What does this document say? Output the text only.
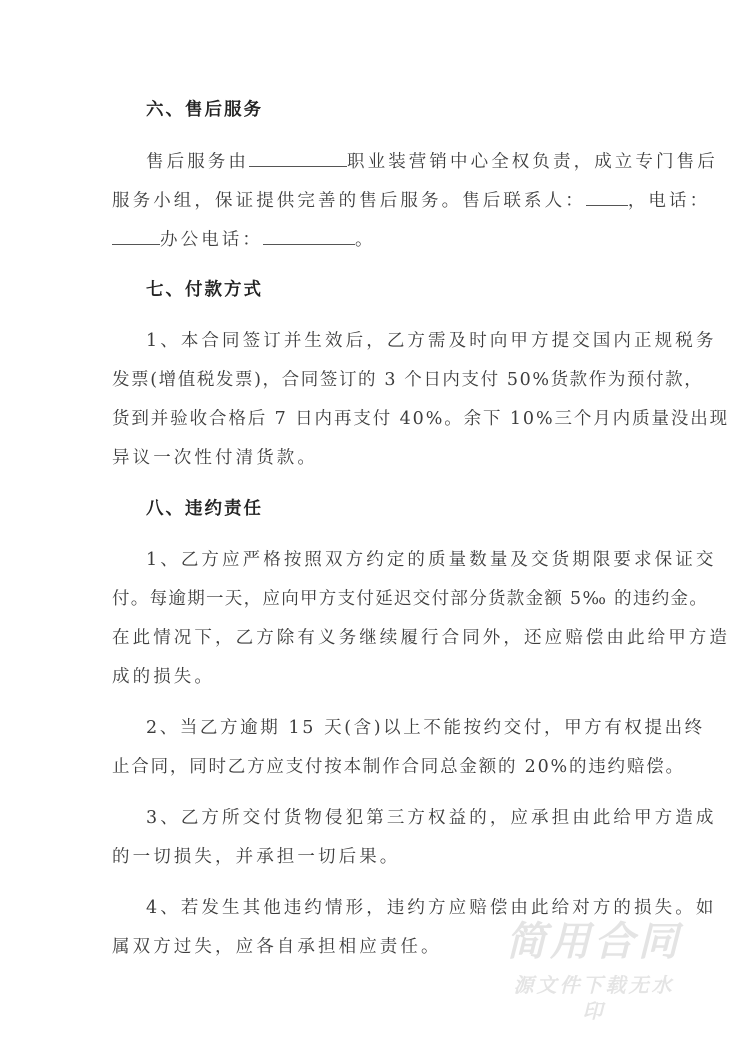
六、售后服务
售后服务由	职业装营销中心全权负责，成立专门售后
服务小组，保证提供完善的售后服务。售后联系人： ，电话：
办公电话：	。
七、付款方式
1、本合同签订并生效后，乙方需及时向甲方提交国内正规税务
发票(增值税发票)，合同签订的 3 个日内支付 50%货款作为预付款，
货到并验收合格后 7 日内再支付 40%。余下 10%三个月内质量没出现
异议一次性付清货款。
八、违约责任
1、乙方应严格按照双方约定的质量数量及交货期限要求保证交
付。每逾期一天，应向甲方支付延迟交付部分货款金额 5‰ 的违约金。
在此情况下，乙方除有义务继续履行合同外，还应赔偿由此给甲方造
成的损失。
2、当乙方逾期 15 天(含)以上不能按约交付，甲方有权提出终
止合同，同时乙方应支付按本制作合同总金额的 20%的违约赔偿。
3、乙方所交付货物侵犯第三方权益的，应承担由此给甲方造成
的一切损失，并承担一切后果。
4、若发生其他违约情形，违约方应赔偿由此给对方的损失。如
属双方过失，应各自承担相应责任。 简用合同
源文件下载无水印
